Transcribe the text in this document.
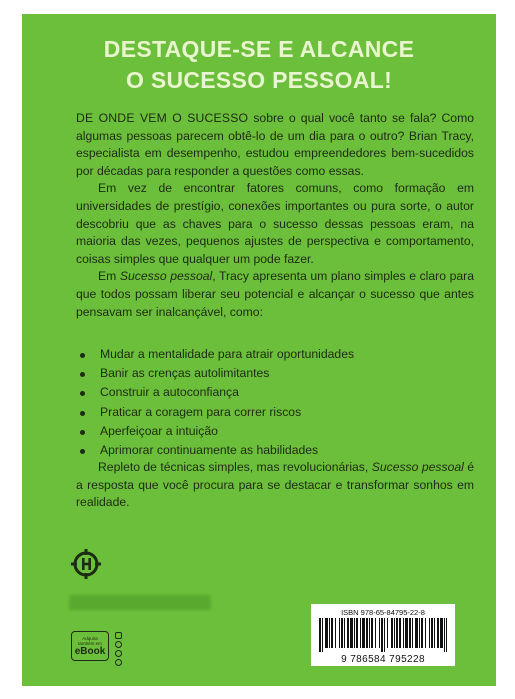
DESTAQUE-SE E ALCANCE
O SUCESSO PESSOAL!

DE ONDE VEM O SUCESSO sobre o qual você tanto se fala? Como algumas pessoas parecem obtê-lo de um dia para o outro? Brian Tracy, especialista em desempenho, estudou empreendedores bem-sucedidos por décadas para responder a questões como essas.

Em vez de encontrar fatores comuns, como formação em universidades de prestígio, conexões importantes ou pura sorte, o autor descobriu que as chaves para o sucesso dessas pessoas eram, na maioria das vezes, pequenos ajustes de perspectiva e comportamento, coisas simples que qualquer um pode fazer.

Em Sucesso pessoal, Tracy apresenta um plano simples e claro para que todos possam liberar seu potencial e alcançar o sucesso que antes pensavam ser inalcançável, como:

Mudar a mentalidade para atrair oportunidades
Banir as crenças autolimitantes
Construir a autoconfiança
Praticar a coragem para correr riscos
Aperfeiçoar a intuição
Aprimorar continuamente as habilidades

Repleto de técnicas simples, mas revolucionárias, Sucesso pessoal é a resposta que você procura para se destacar e transformar sonhos em realidade.

Adquira
também em
eBook
ISBN 978-65-84795-22-8
9 786584 795228
